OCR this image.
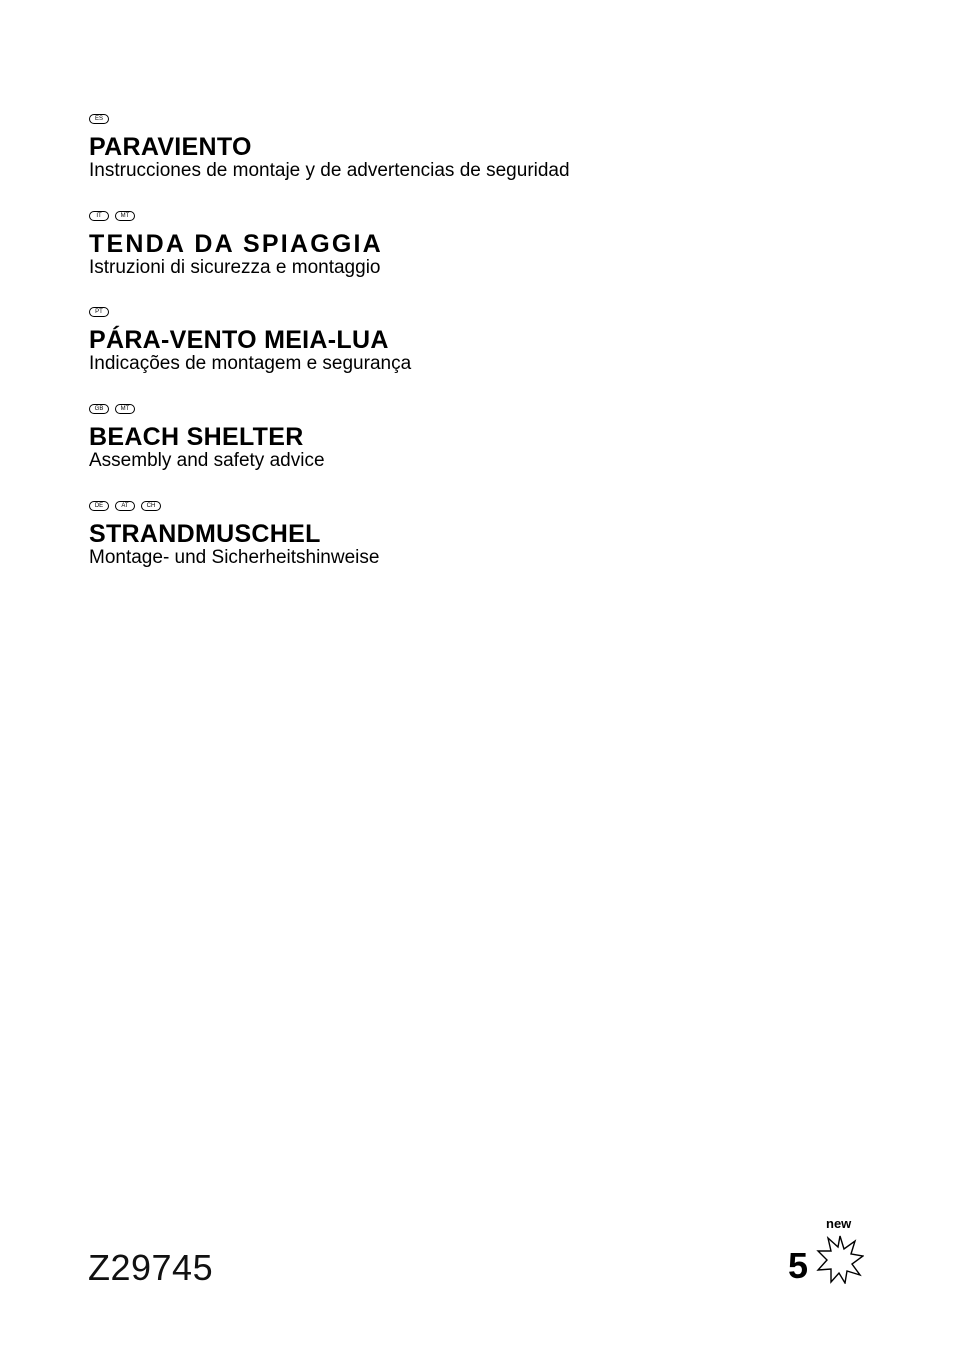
ES
PARAVIENTO
Instrucciones de montaje y de advertencias de seguridad
IT	MT
TENDA DA SPIAGGIA
Istruzioni di sicurezza e montaggio
PT
PÁRA-VENTO MEIA-LUA
Indicações de montagem e segurança
GB	MT
BEACH SHELTER
Assembly and safety advice
DE	AT	CH
STRANDMUSCHEL
Montage- und Sicherheitshinweise
Z29745
new
5
